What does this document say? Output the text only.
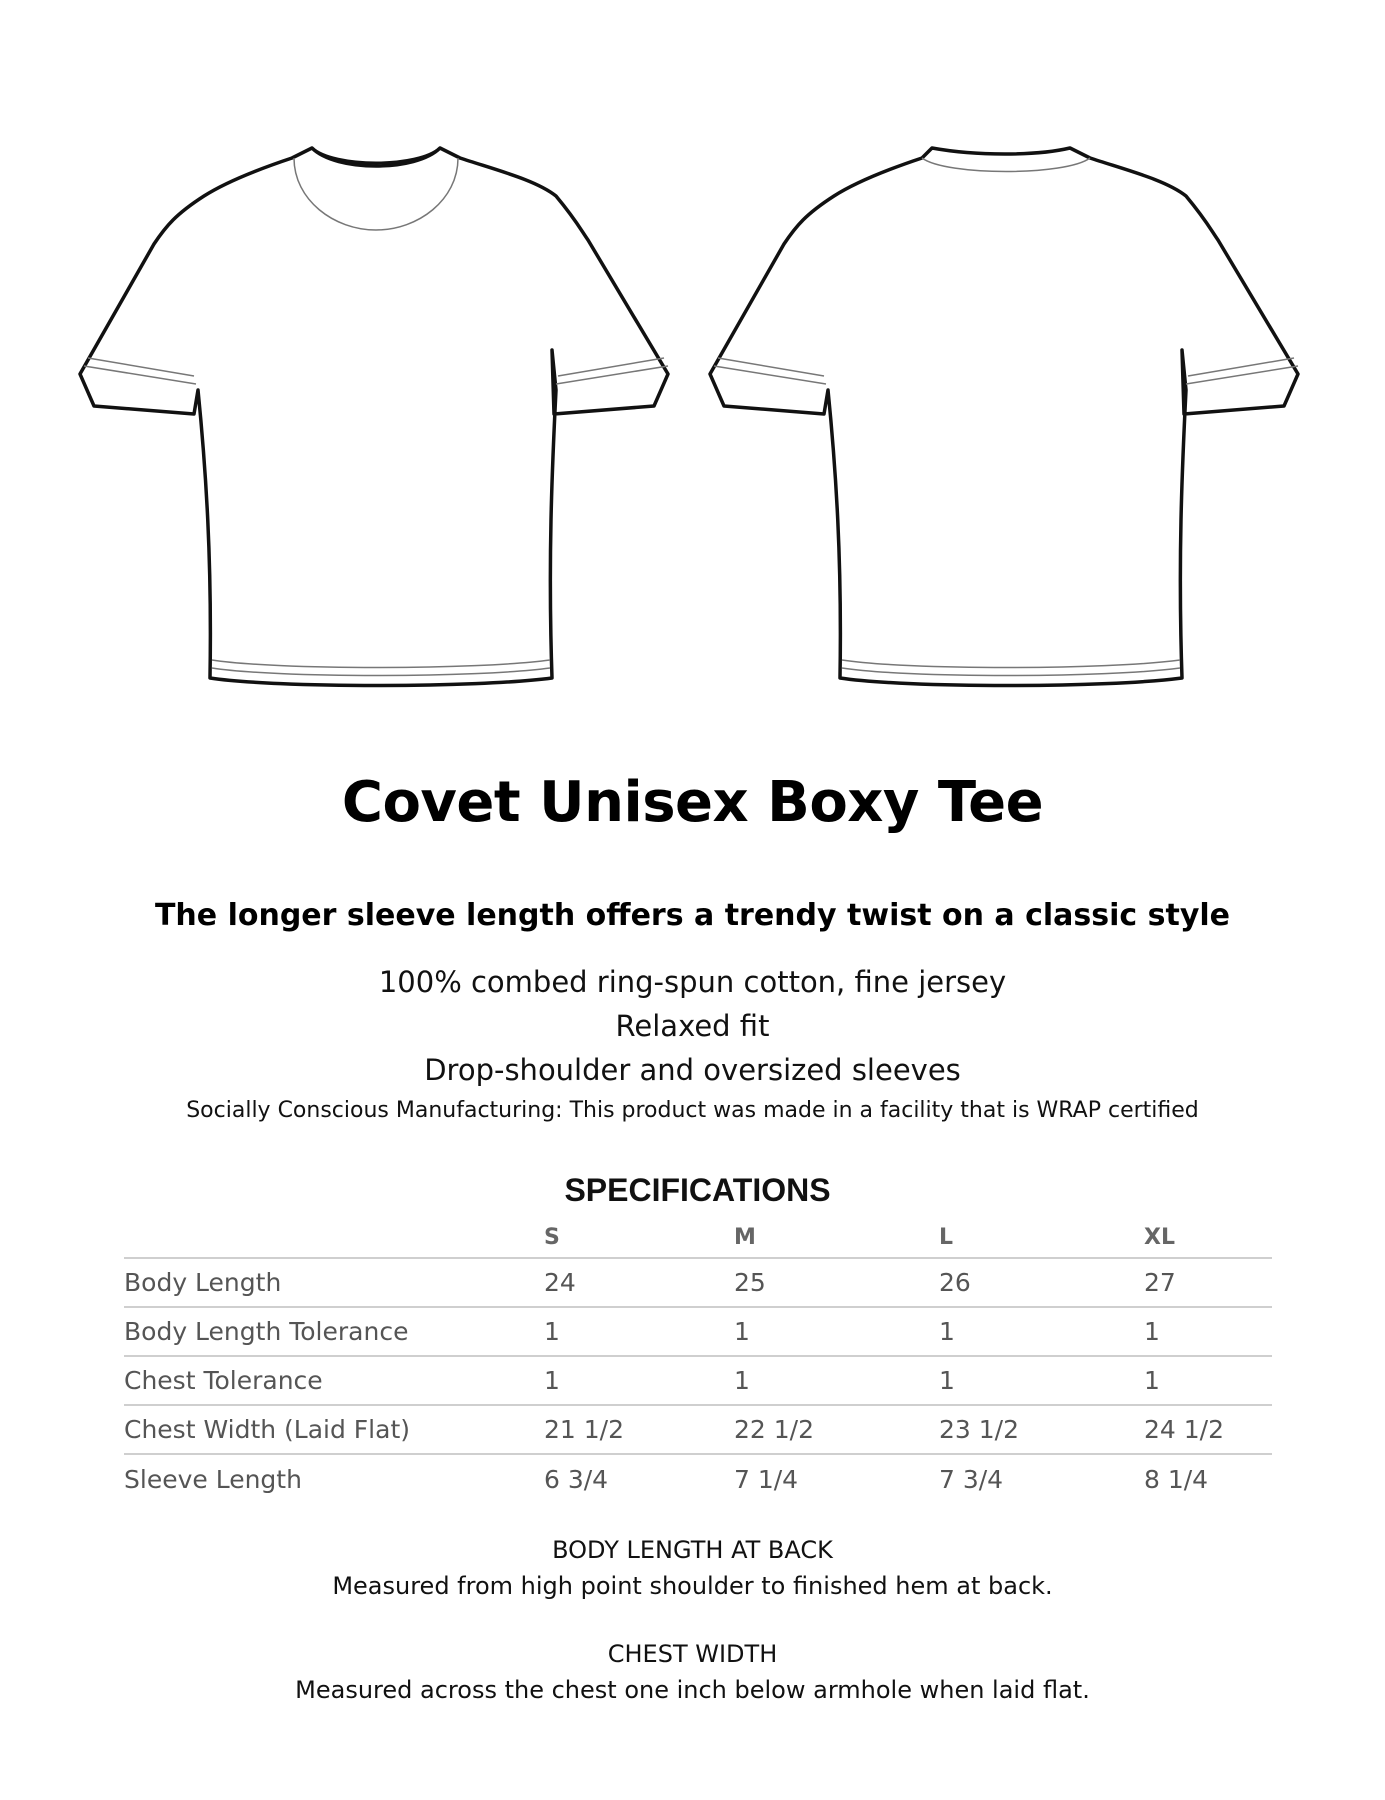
Covet Unisex Boxy Tee
The longer sleeve length offers a trendy twist on a classic style
100% combed ring-spun cotton, fine jersey
Relaxed fit
Drop-shoulder and oversized sleeves
Socially Conscious Manufacturing: This product was made in a facility that is WRAP certified
SPECIFICATIONS
	S	M	L	XL
Body Length	24	25	26	27
Body Length Tolerance	1	1	1	1
Chest Tolerance	1	1	1	1
Chest Width (Laid Flat)	21 1/2	22 1/2	23 1/2	24 1/2
Sleeve Length	6 3/4	7 1/4	7 3/4	8 1/4
BODY LENGTH AT BACK
Measured from high point shoulder to finished hem at back.
CHEST WIDTH
Measured across the chest one inch below armhole when laid flat.
